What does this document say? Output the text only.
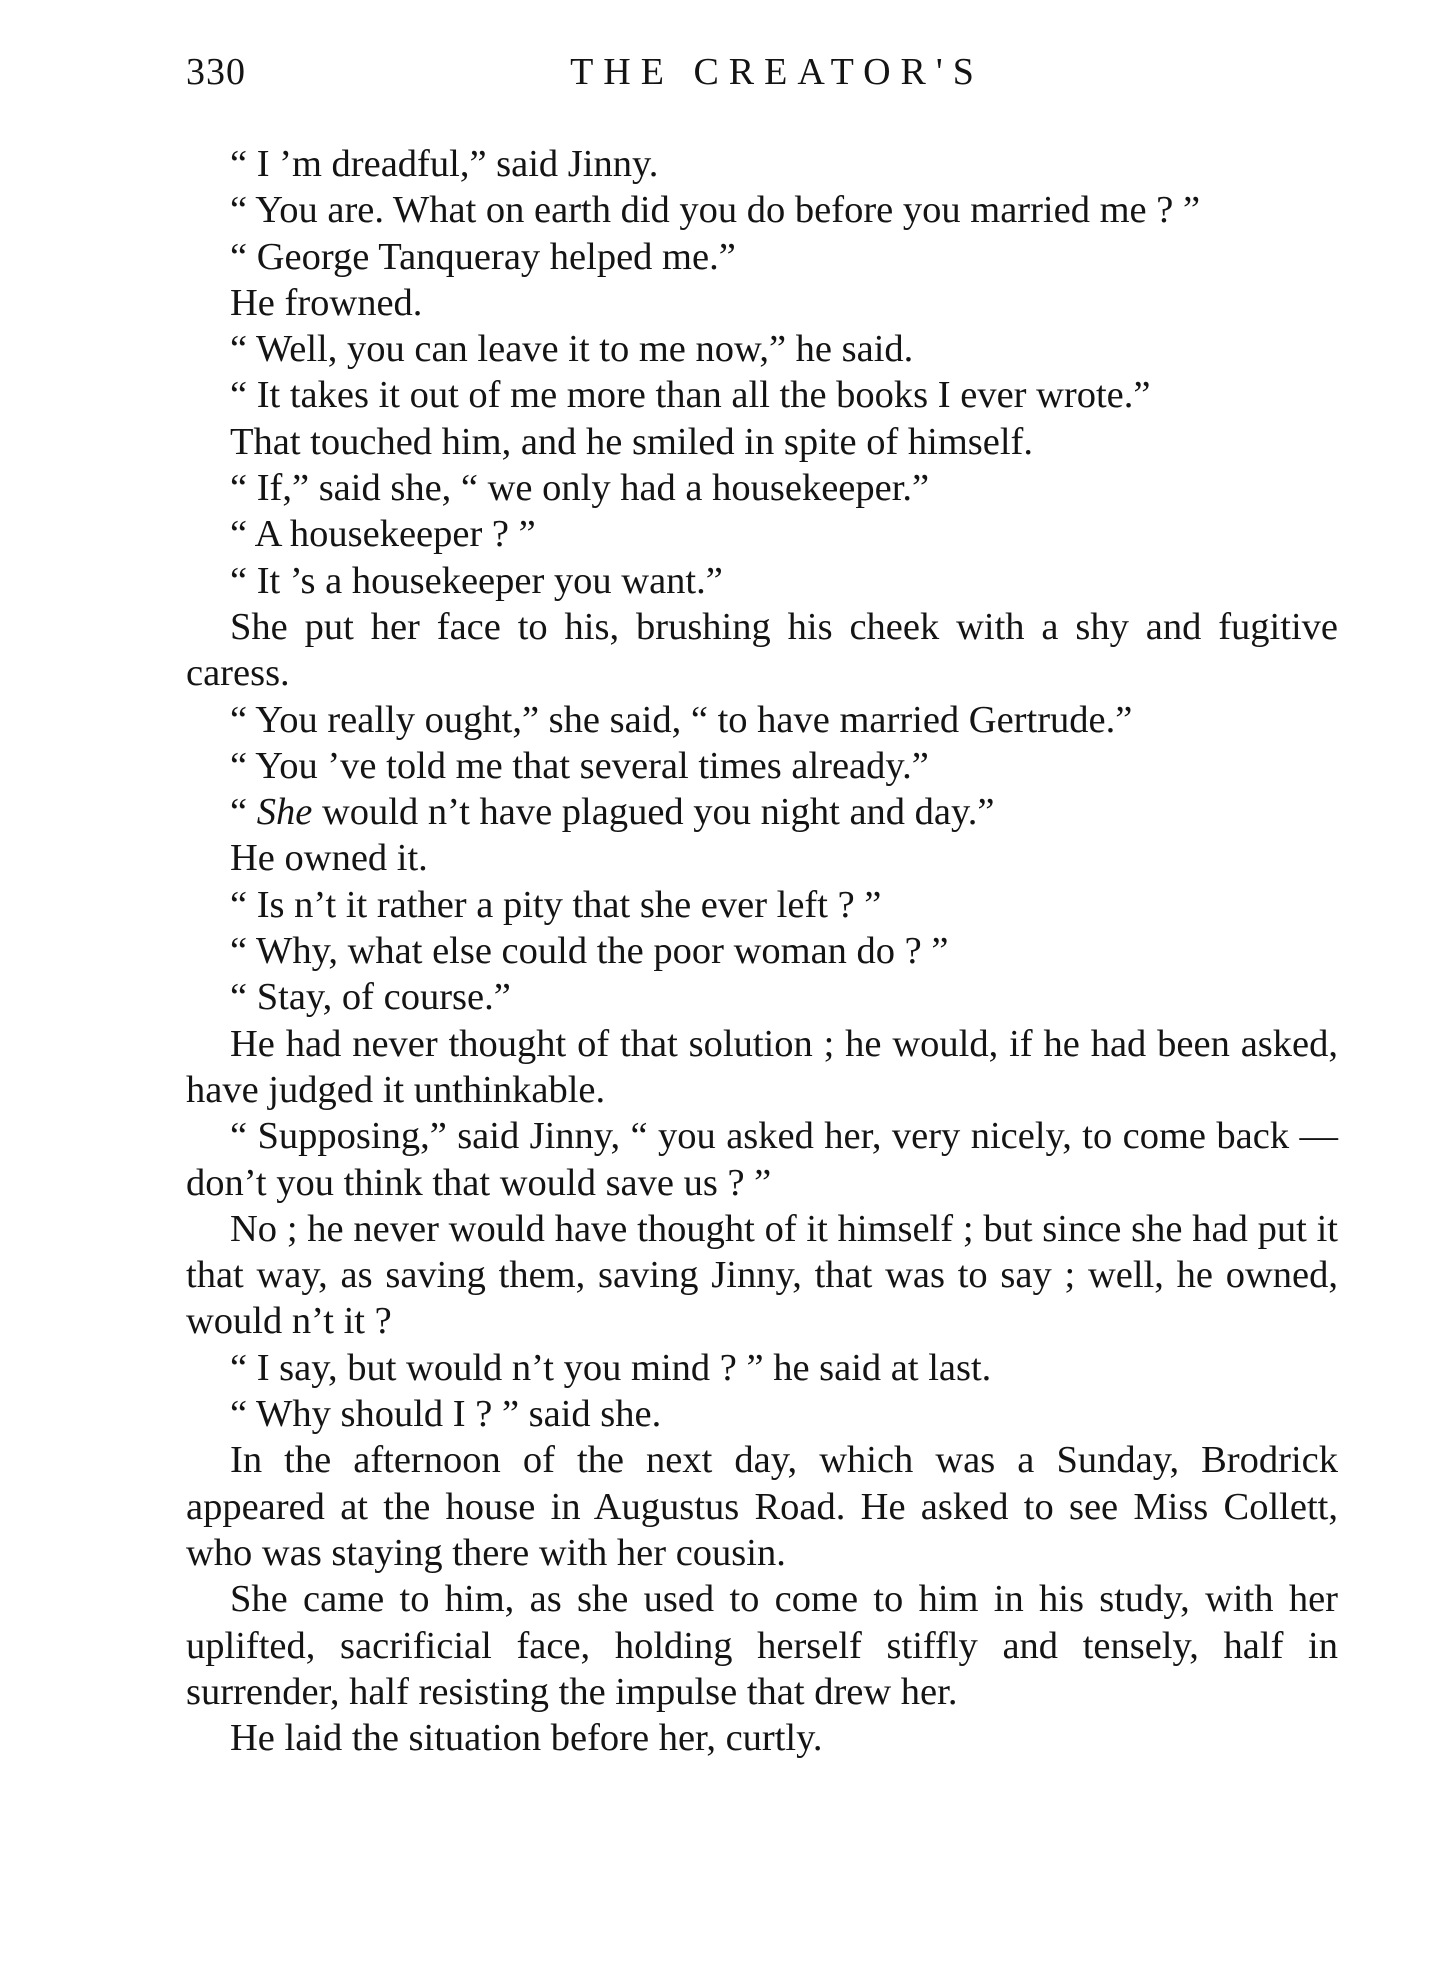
330	THE CREATOR'S

“ I ’m dreadful,” said Jinny.

“ You are. What on earth did you do before you married me ? ”

“ George Tanqueray helped me.”

He frowned.

“ Well, you can leave it to me now,” he said.

“ It takes it out of me more than all the books I ever wrote.”

That touched him, and he smiled in spite of himself.

“ If,” said she, “ we only had a housekeeper.”

“ A housekeeper ? ”

“ It ’s a housekeeper you want.”

She put her face to his, brushing his cheek with a shy and fugitive caress.

“ You really ought,” she said, “ to have married Gertrude.”

“ You ’ve told me that several times already.”

“ She would n’t have plagued you night and day.”

He owned it.

“ Is n’t it rather a pity that she ever left ? ”

“ Why, what else could the poor woman do ? ”

“ Stay, of course.”

He had never thought of that solution ; he would, if he had been asked, have judged it unthinkable.

“ Supposing,” said Jinny, “ you asked her, very nicely, to come back — don’t you think that would save us ? ”

No ; he never would have thought of it himself ; but since she had put it that way, as saving them, saving Jinny, that was to say ; well, he owned, would n’t it ?

“ I say, but would n’t you mind ? ” he said at last.

“ Why should I ? ” said she.

In the afternoon of the next day, which was a Sunday, Brodrick appeared at the house in Augustus Road. He asked to see Miss Collett, who was staying there with her cousin.

She came to him, as she used to come to him in his study, with her uplifted, sacrificial face, holding herself stiffly and tensely, half in surrender, half resisting the impulse that drew her.

He laid the situation before her, curtly.
